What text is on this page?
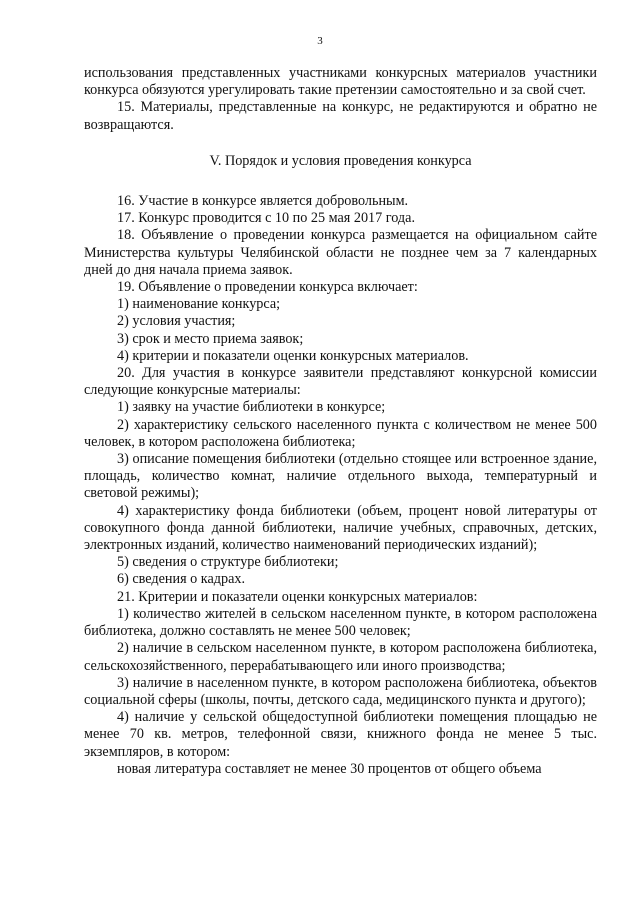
3

использования представленных участниками конкурсных материалов участники конкурса обязуются урегулировать такие претензии самостоятельно и за свой счет.

15. Материалы, представленные на конкурс, не редактируются и обратно не возвращаются.

V. Порядок и условия проведения конкурса

16. Участие в конкурсе является добровольным.

17. Конкурс проводится с 10 по 25 мая 2017 года.

18. Объявление о проведении конкурса размещается на официальном сайте Министерства культуры Челябинской области не позднее чем за 7 календарных дней до дня начала приема заявок.

19. Объявление о проведении конкурса включает:

1) наименование конкурса;

2) условия участия;

3) срок и место приема заявок;

4) критерии и показатели оценки конкурсных материалов.

20. Для участия в конкурсе заявители представляют конкурсной комиссии следующие конкурсные материалы:

1) заявку на участие библиотеки в конкурсе;

2) характеристику сельского населенного пункта с количеством не менее 500 человек, в котором расположена библиотека;

3) описание помещения библиотеки (отдельно стоящее или встроенное здание, площадь, количество комнат, наличие отдельного выхода, температурный и световой режимы);

4) характеристику фонда библиотеки (объем, процент новой литературы от совокупного фонда данной библиотеки, наличие учебных, справочных, детских, электронных изданий, количество наименований периодических изданий);

5) сведения о структуре библиотеки;

6) сведения о кадрах.

21. Критерии и показатели оценки конкурсных материалов:

1) количество жителей в сельском населенном пункте, в котором расположена библиотека, должно составлять не менее 500 человек;

2) наличие в сельском населенном пункте, в котором расположена библиотека, сельскохозяйственного, перерабатывающего или иного производства;

3) наличие в населенном пункте, в котором расположена библиотека, объектов социальной сферы (школы, почты, детского сада, медицинского пункта и другого);

4) наличие у сельской общедоступной библиотеки помещения площадью не менее 70 кв. метров, телефонной связи, книжного фонда не менее 5 тыс. экземпляров, в котором:

новая литература составляет не менее 30 процентов от общего объема
